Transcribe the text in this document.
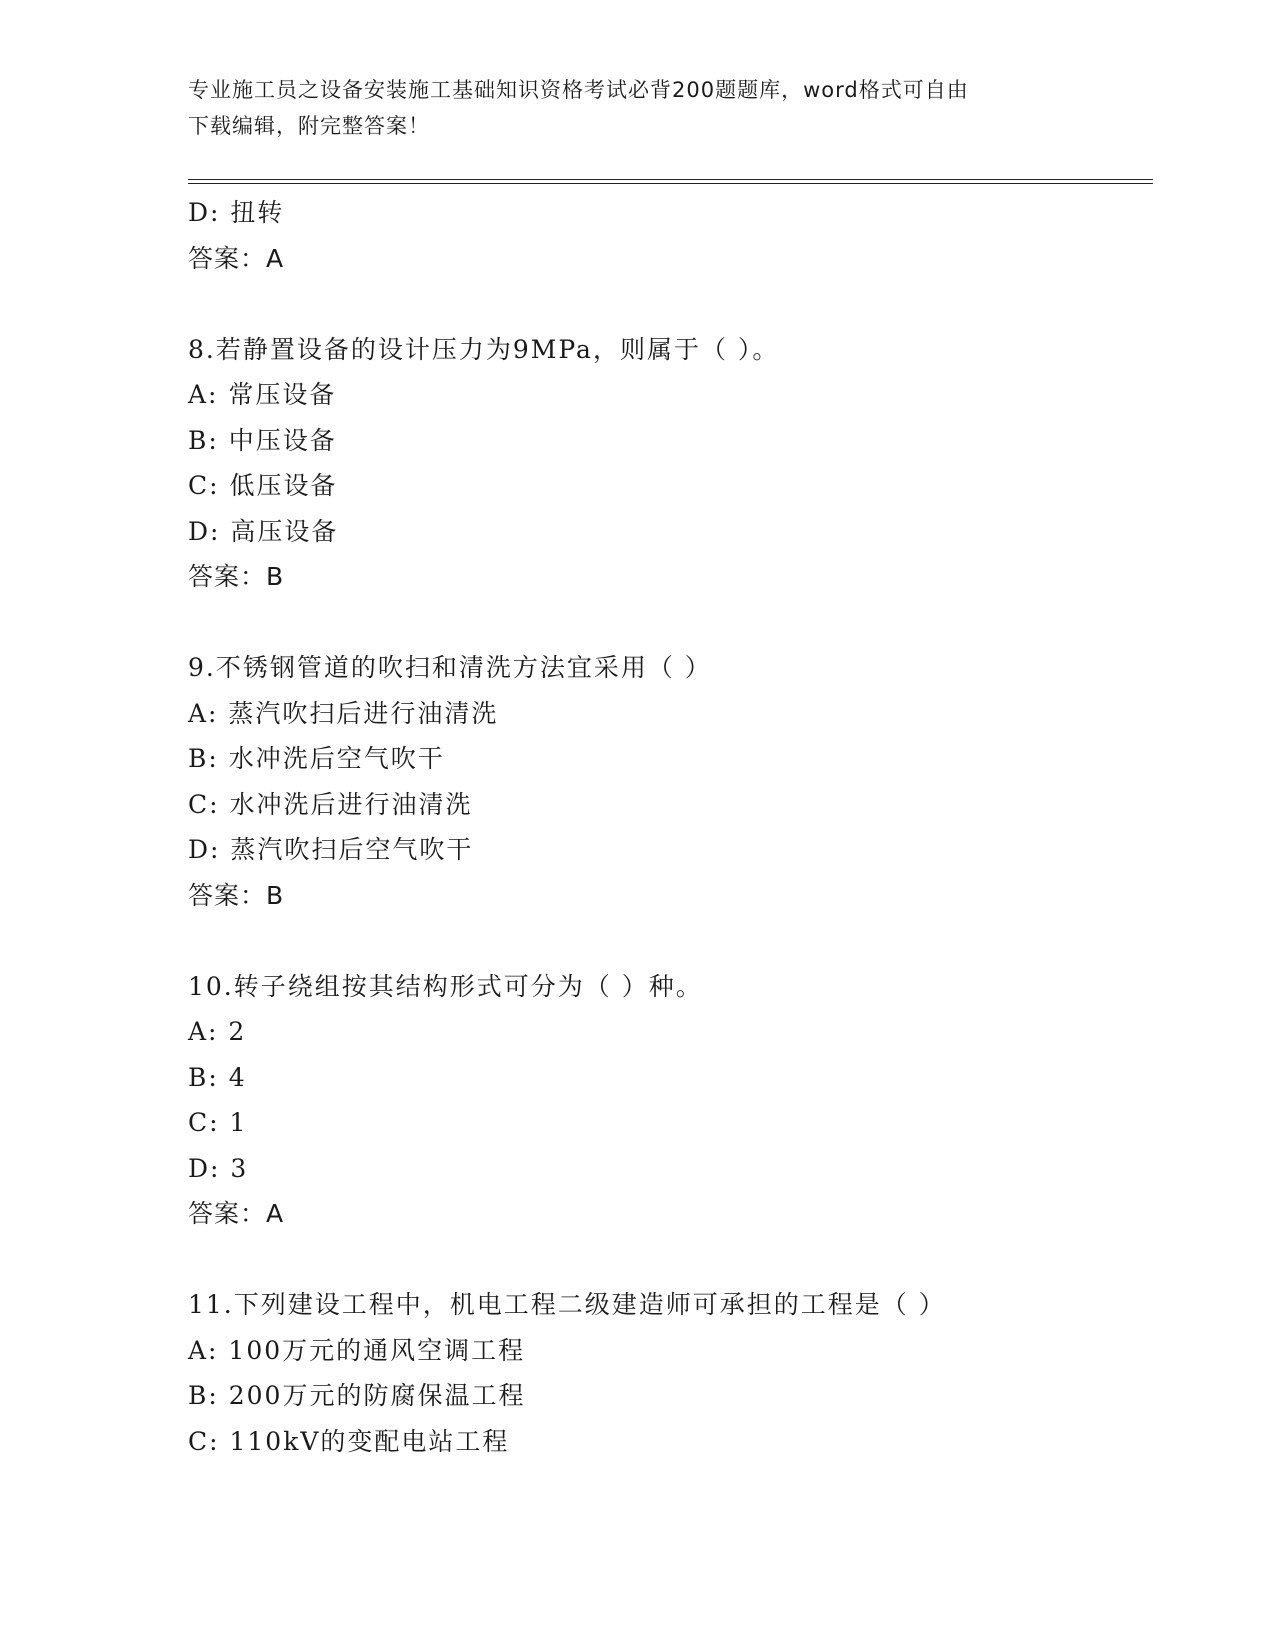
专业施工员之设备安装施工基础知识资格考试必背200题题库，word格式可自由
下载编辑，附完整答案！
D: 扭转
答案：A
8.若静置设备的设计压力为9MPa，则属于（ ）。
A: 常压设备
B: 中压设备
C: 低压设备
D: 高压设备
答案：B
9.不锈钢管道的吹扫和清洗方法宜采用（ ）
A: 蒸汽吹扫后进行油清洗
B: 水冲洗后空气吹干
C: 水冲洗后进行油清洗
D: 蒸汽吹扫后空气吹干
答案：B
10.转子绕组按其结构形式可分为（ ）种。
A: 2
B: 4
C: 1
D: 3
答案：A
11.下列建设工程中，机电工程二级建造师可承担的工程是（ ）
A: 100万元的通风空调工程
B: 200万元的防腐保温工程
C: 110kV的变配电站工程
